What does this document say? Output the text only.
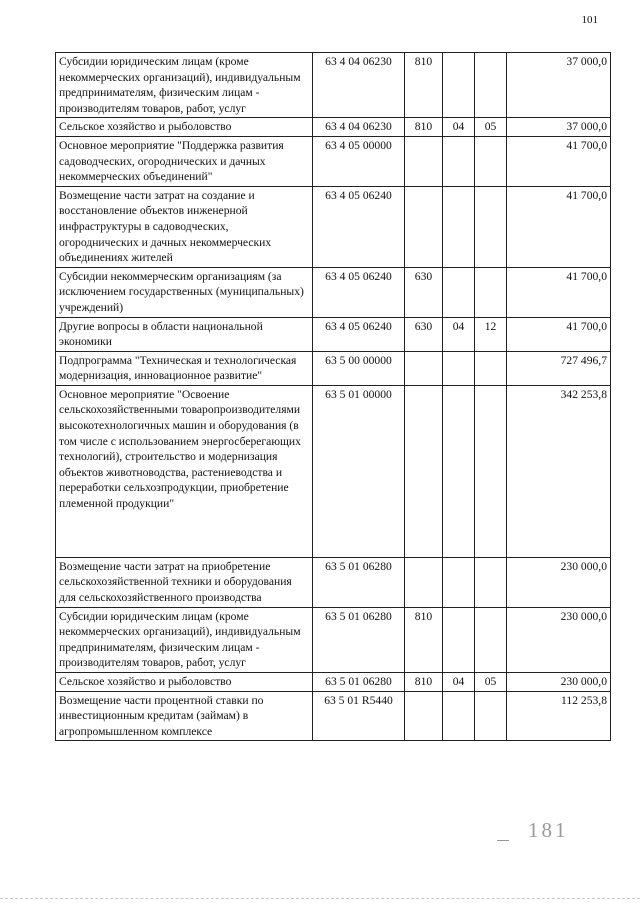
101
Субсидии юридическим лицам (кроме некоммерческих организаций), индивидуальным предпринимателям, физическим лицам - производителям товаров, работ, услуг	63 4 04 06230	810			37 000,0
Сельское хозяйство и рыболовство	63 4 04 06230	810	04	05	37 000,0
Основное мероприятие "Поддержка развития садоводческих, огороднических и дачных некоммерческих объединений"	63 4 05 00000				41 700,0
Возмещение части затрат на создание и восстановление объектов инженерной инфраструктуры в садоводческих, огороднических и дачных некоммерческих объединениях жителей	63 4 05 06240				41 700,0
Субсидии некоммерческим организациям (за исключением государственных (муниципальных) учреждений)	63 4 05 06240	630			41 700,0
Другие вопросы в области национальной экономики	63 4 05 06240	630	04	12	41 700,0
Подпрограмма "Техническая и технологическая модернизация, инновационное развитие"	63 5 00 00000				727 496,7
Основное мероприятие "Освоение сельскохозяйственными товаропроизводителями высокотехнологичных машин и оборудования (в том числе с использованием энергосберегающих технологий), строительство и модернизация объектов животноводства, растениеводства и переработки сельхозпродукции, приобретение племенной продукции"	63 5 01 00000				342 253,8
Возмещение части затрат на приобретение сельскохозяйственной техники и оборудования для сельскохозяйственного производства	63 5 01 06280				230 000,0
Субсидии юридическим лицам (кроме некоммерческих организаций), индивидуальным предпринимателям, физическим лицам - производителям товаров, работ, услуг	63 5 01 06280	810			230 000,0
Сельское хозяйство и рыболовство	63 5 01 06280	810	04	05	230 000,0
Возмещение части процентной ставки по инвестиционным кредитам (займам) в агропромышленном комплексе	63 5 01 R5440				112 253,8
181
